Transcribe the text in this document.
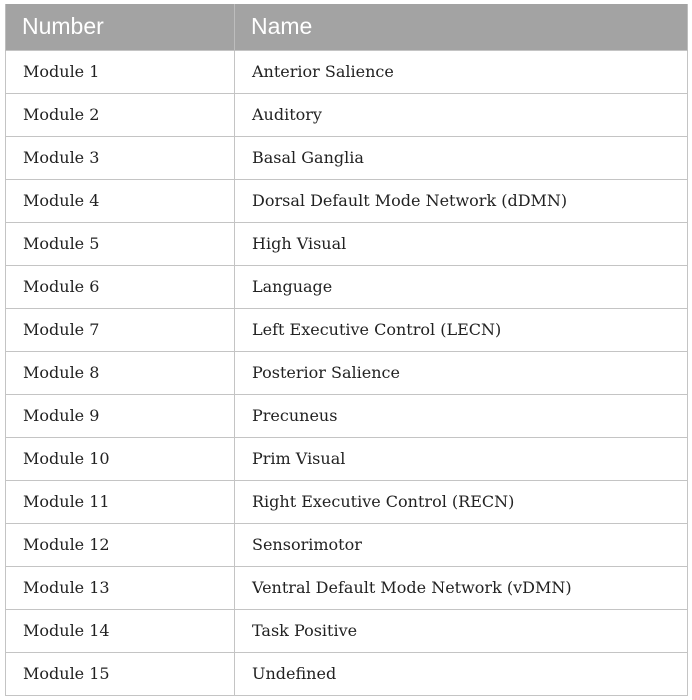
Number	Name
Module 1	Anterior Salience
Module 2	Auditory
Module 3	Basal Ganglia
Module 4	Dorsal Default Mode Network (dDMN)
Module 5	High Visual
Module 6	Language
Module 7	Left Executive Control (LECN)
Module 8	Posterior Salience
Module 9	Precuneus
Module 10	Prim Visual
Module 11	Right Executive Control (RECN)
Module 12	Sensorimotor
Module 13	Ventral Default Mode Network (vDMN)
Module 14	Task Positive
Module 15	Undefined
